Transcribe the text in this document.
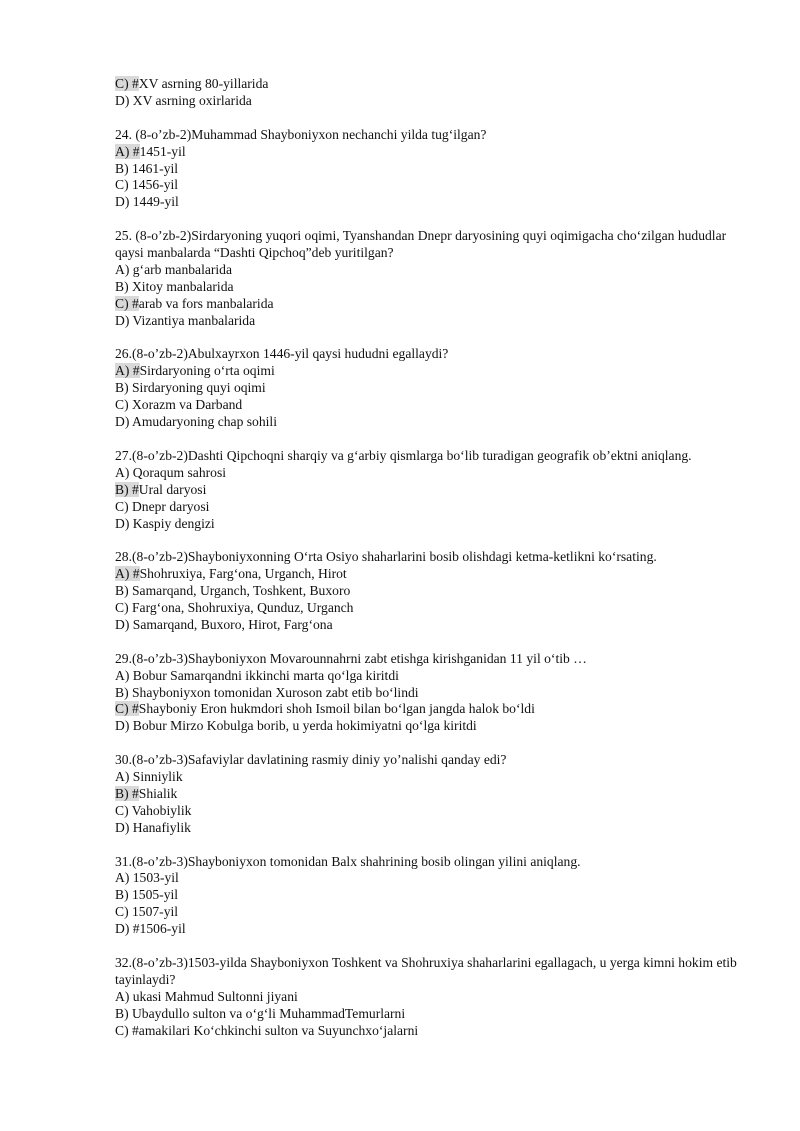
C) #XV asrning 80-yillarida
D) XV asrning oxirlarida
24. (8-o’zb-2)Muhammad Shayboniyxon nechanchi yilda tug‘ilgan?
A) #1451-yil
B) 1461-yil
C) 1456-yil
D) 1449-yil
25. (8-o’zb-2)Sirdaryoning yuqori oqimi, Tyanshandan Dnepr daryosining quyi oqimigacha cho‘zilgan hududlar qaysi manbalarda “Dashti Qipchoq”deb yuritilgan?
A) g‘arb manbalarida
B) Xitoy manbalarida
C) #arab va fors manbalarida
D) Vizantiya manbalarida
26.(8-o’zb-2)Abulxayrxon 1446-yil qaysi hududni egallaydi?
A) #Sirdaryoning o‘rta oqimi
B) Sirdaryoning quyi oqimi
C) Xorazm va Darband
D) Amudaryoning chap sohili
27.(8-o’zb-2)Dashti Qipchoqni sharqiy va g‘arbiy qismlarga bo‘lib turadigan geografik ob’ektni aniqlang.
A) Qoraqum sahrosi
B) #Ural daryosi
C) Dnepr daryosi
D) Kaspiy dengizi
28.(8-o’zb-2)Shayboniyxonning O‘rta Osiyo shaharlarini bosib olishdagi ketma-ketlikni ko‘rsating.
A) #Shohruxiya, Farg‘ona, Urganch, Hirot
B) Samarqand, Urganch, Toshkent, Buxoro
C) Farg‘ona, Shohruxiya, Qunduz, Urganch
D) Samarqand, Buxoro, Hirot, Farg‘ona
29.(8-o’zb-3)Shayboniyxon Movarounnahrni zabt etishga kirishganidan 11 yil o‘tib …
A) Bobur Samarqandni ikkinchi marta qo‘lga kiritdi
B) Shayboniyxon tomonidan Xuroson zabt etib bo‘lindi
C) #Shayboniy Eron hukmdori shoh Ismoil bilan bo‘lgan jangda halok bo‘ldi
D) Bobur Mirzo Kobulga borib, u yerda hokimiyatni qo‘lga kiritdi
30.(8-o’zb-3)Safaviylar davlatining rasmiy diniy yo’nalishi qanday edi?
A) Sinniylik
B) #Shialik
C) Vahobiylik
D) Hanafiylik
31.(8-o’zb-3)Shayboniyxon tomonidan Balx shahrining bosib olingan yilini aniqlang.
A) 1503-yil
B) 1505-yil
C) 1507-yil
D) #1506-yil
32.(8-o’zb-3)1503-yilda Shayboniyxon Toshkent va Shohruxiya shaharlarini egallagach, u yerga kimni hokim etib tayinlaydi?
A) ukasi Mahmud Sultonni jiyani
B) Ubaydullo sulton va o‘g‘li MuhammadTemurlarni
C) #amakilari Ko‘chkinchi sulton va Suyunchxo‘jalarni
